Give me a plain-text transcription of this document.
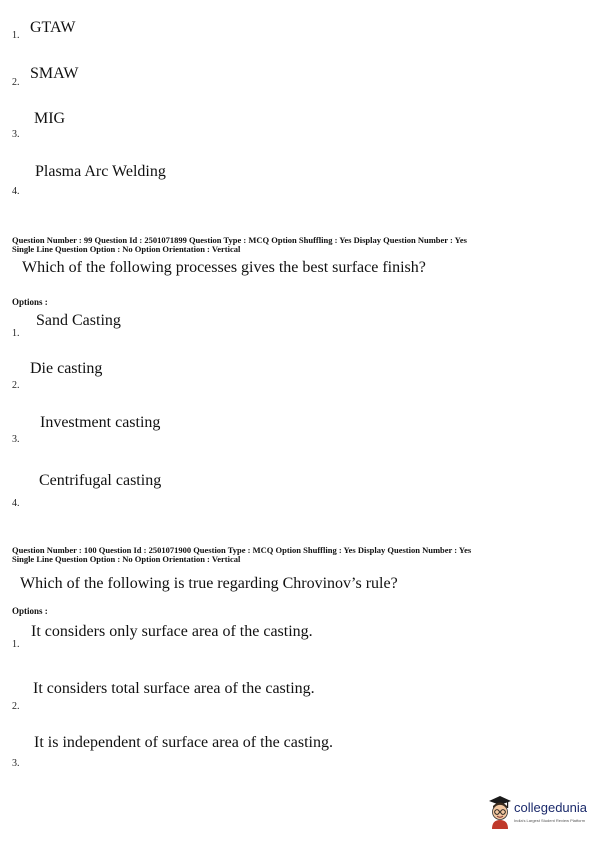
1. GTAW
2.
SMAW
3.
MIG
4.
Plasma Arc Welding
Question Number : 99 Question Id : 2501071899 Question Type : MCQ Option Shuffling : Yes Display Question Number : Yes
Single Line Question Option : No Option Orientation : Vertical
Which of the following processes gives the best surface finish?
Options :
1.
Sand Casting
2.
Die casting
3.
Investment casting
4.
Centrifugal casting
Question Number : 100 Question Id : 2501071900 Question Type : MCQ Option Shuffling : Yes Display Question Number : Yes
Single Line Question Option : No Option Orientation : Vertical
Which of the following is true regarding Chrovinov’s rule?
Options :
1.
It considers only surface area of the casting.
2.
It considers total surface area of the casting.
3.
It is independent of surface area of the casting.
collegedunia
India's Largest Student Review Platform
